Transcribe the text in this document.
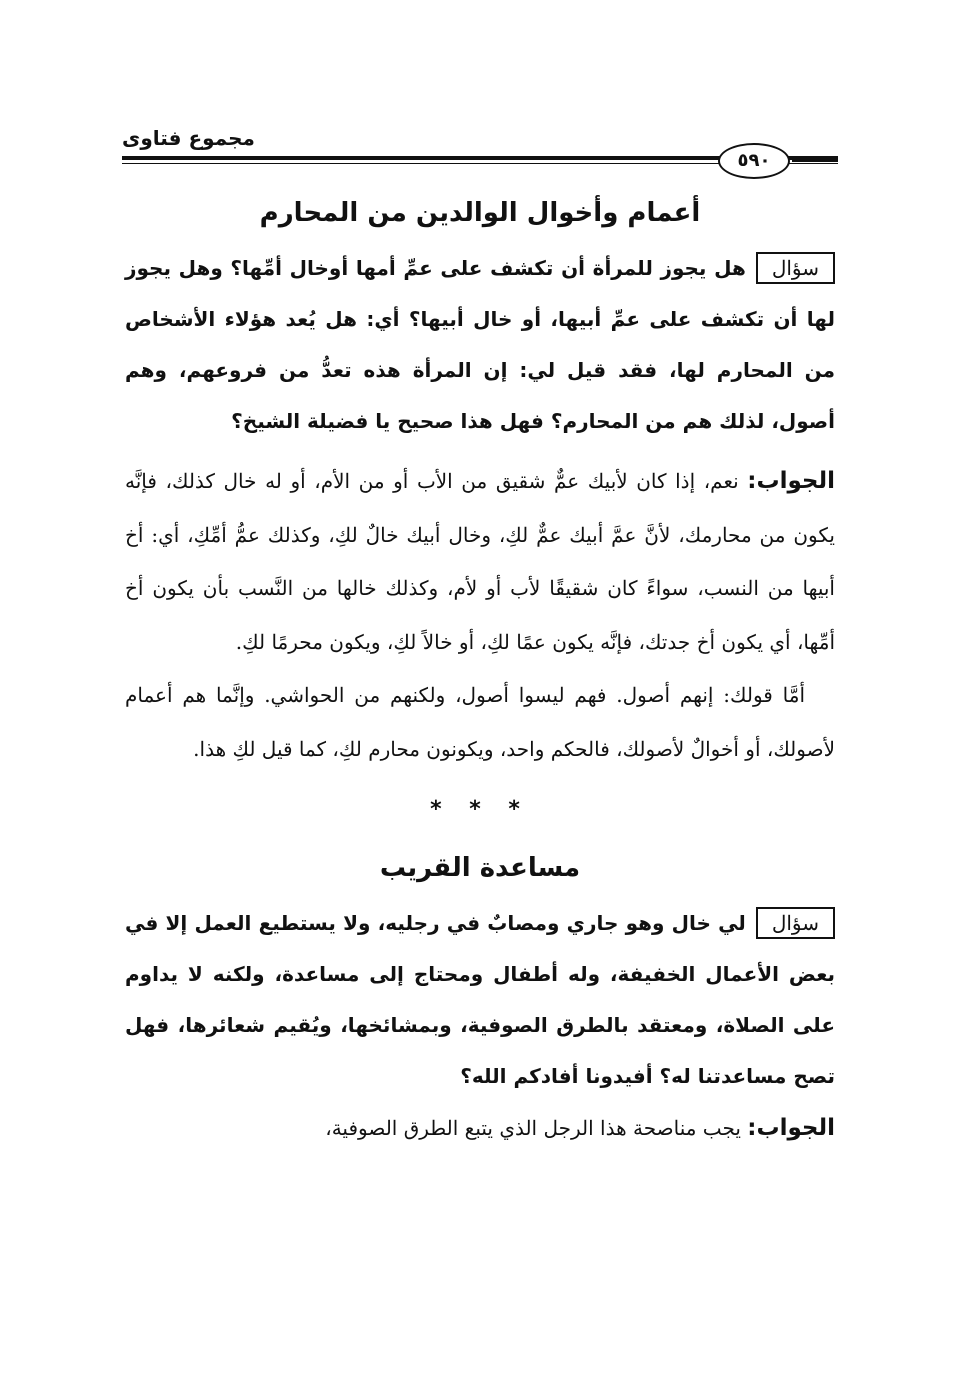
مجموع فتاوى
٥٩٠
أعمام وأخوال الوالدين من المحارم

سؤالهل يجوز للمرأة أن تكشف على عمِّ أمها أوخال أمِّها؟ وهل يجوز لها أن تكشف على عمِّ أبيها، أو خال أبيها؟ أي: هل يُعد هؤلاء الأشخاص من المحارم لها، فقد قيل لي: إن المرأة هذه تعدُّ من فروعهم، وهم أصول، لذلك هم من المحارم؟ فهل هذا صحيح يا فضيلة الشيخ؟

الجواب: نعم، إذا كان لأبيك عمٌّ شقيق من الأب أو من الأم، أو له خال كذلك، فإنَّه يكون من محارمك، لأنَّ عمَّ أبيك عمٌّ لكِ، وخال أبيك خالٌ لكِ، وكذلك عمُّ أمِّكِ، أي: أخ أبيها من النسب، سواءً كان شقيقًا لأب أو لأم، وكذلك خالها من النَّسب بأن يكون أخ أمِّها، أي يكون أخ جدتك، فإنَّه يكون عمًا لكِ، أو خالاً لكِ، ويكون محرمًا لكِ.

أمَّا قولك: إنهم أصول. فهم ليسوا أصول، ولكنهم من الحواشي. وإنَّما هم أعمام لأصولك، أو أخوالٌ لأصولك، فالحكم واحد، ويكونون محارم لكِ، كما قيل لكِ هذا.

* * *
مساعدة القريب

سؤاللي خال وهو جاري ومصابٌ في رجليه، ولا يستطيع العمل إلا في بعض الأعمال الخفيفة، وله أطفال ومحتاج إلى مساعدة، ولكنه لا يداوم على الصلاة، ومعتقد بالطرق الصوفية، وبمشائخها، ويُقيم شعائرها، فهل تصح مساعدتنا له؟ أفيدونا أفادكم الله؟

الجواب: يجب مناصحة هذا الرجل الذي يتبع الطرق الصوفية،
